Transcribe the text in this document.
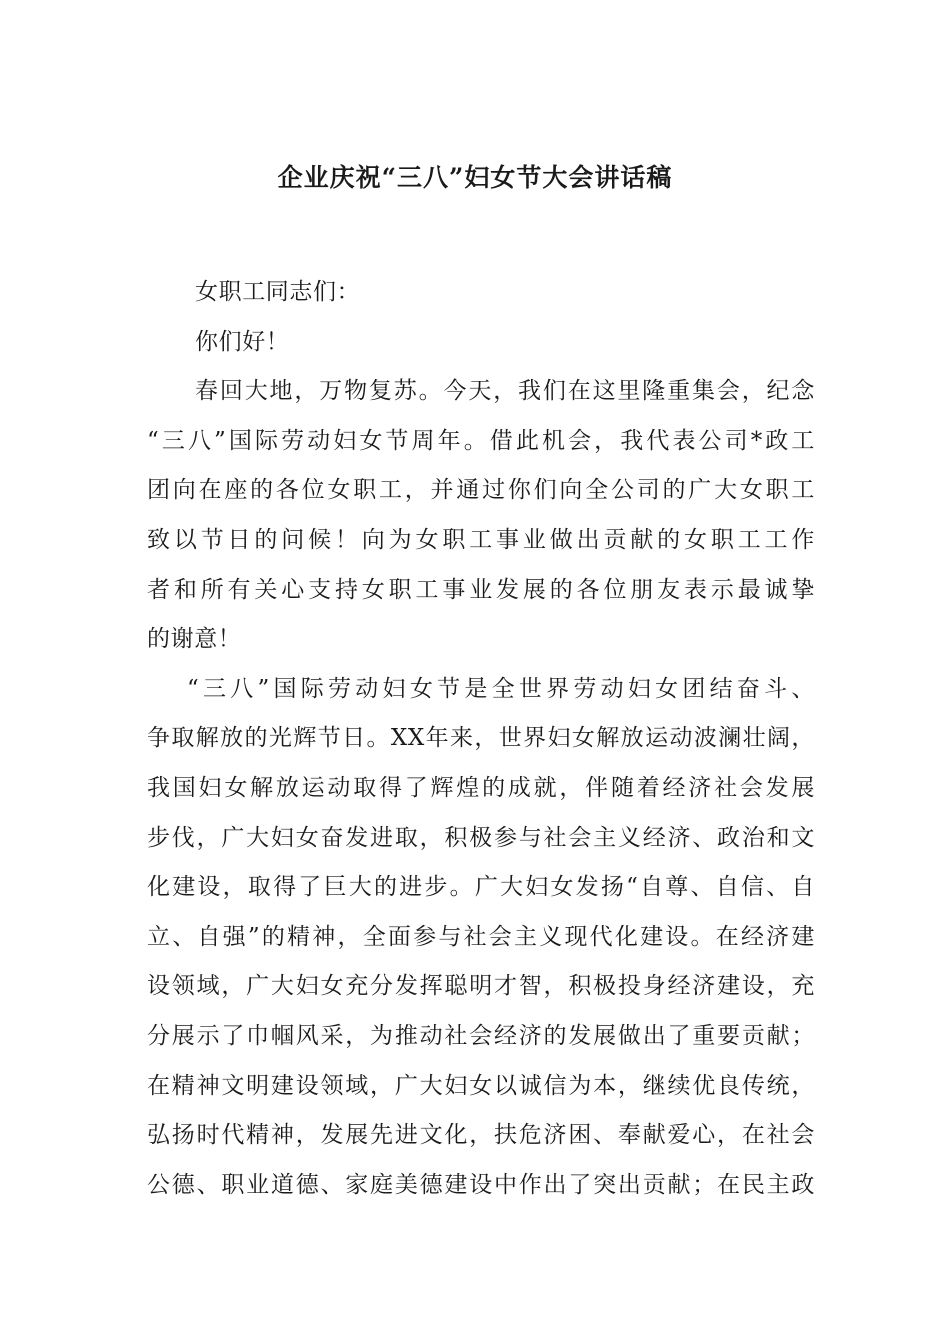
企业庆祝“三八”妇女节大会讲话稿
女职工同志们：
你们好！
春回大地，万物复苏。今天，我们在这里隆重集会，纪念
“三八”国际劳动妇女节周年。借此机会，我代表公司*政工
团向在座的各位女职工，并通过你们向全公司的广大女职工
致以节日的问候！向为女职工事业做出贡献的女职工工作
者和所有关心支持女职工事业发展的各位朋友表示最诚挚
的谢意！
“三八”国际劳动妇女节是全世界劳动妇女团结奋斗、
争取解放的光辉节日。XX年来，世界妇女解放运动波澜壮阔，
我国妇女解放运动取得了辉煌的成就，伴随着经济社会发展
步伐，广大妇女奋发进取，积极参与社会主义经济、政治和文
化建设，取得了巨大的进步。广大妇女发扬“自尊、自信、自
立、自强”的精神，全面参与社会主义现代化建设。在经济建
设领域，广大妇女充分发挥聪明才智，积极投身经济建设，充
分展示了巾帼风采，为推动社会经济的发展做出了重要贡献；
在精神文明建设领域，广大妇女以诚信为本，继续优良传统，
弘扬时代精神，发展先进文化，扶危济困、奉献爱心，在社会
公德、职业道德、家庭美德建设中作出了突出贡献；在民主政
